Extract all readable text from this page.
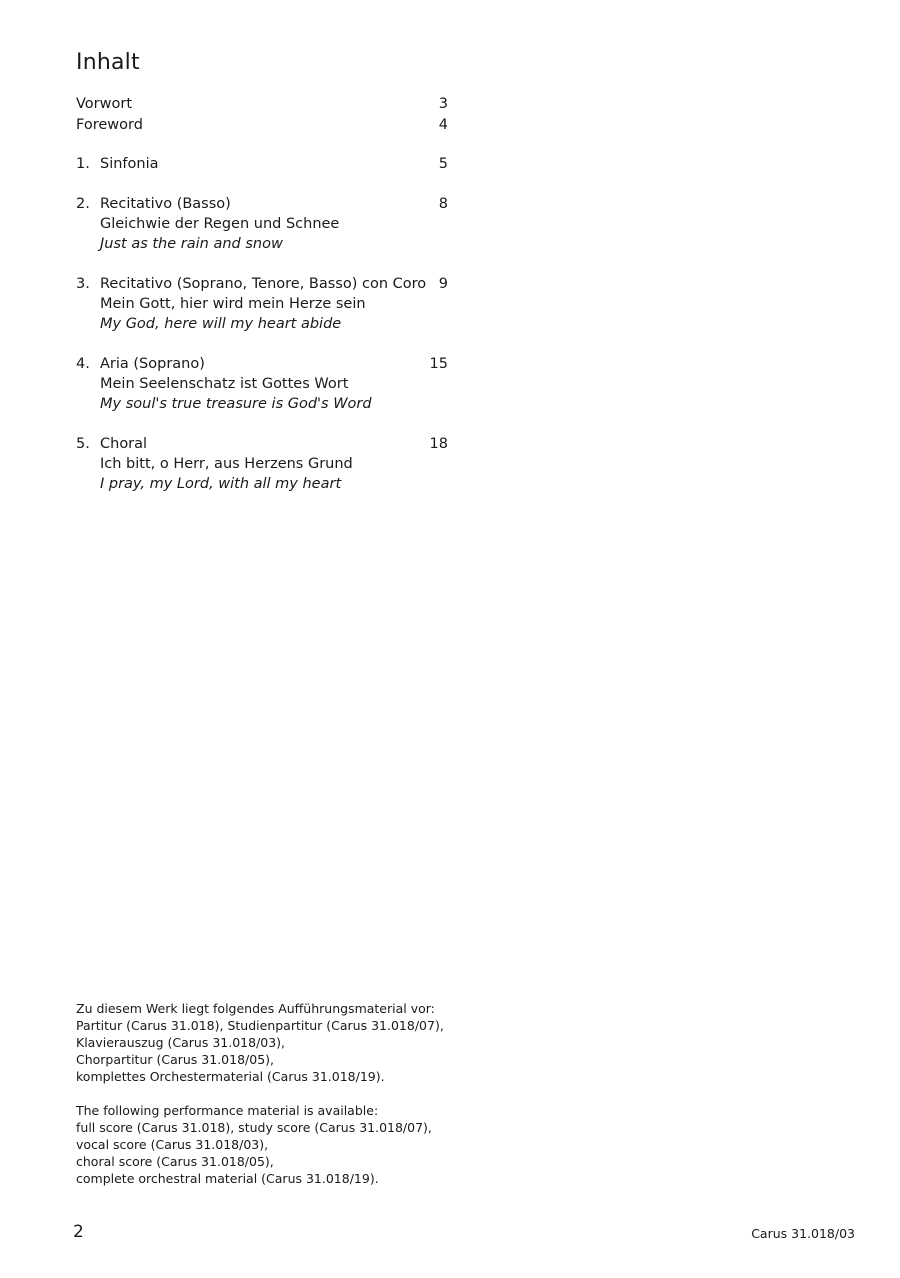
Inhalt
Vorwort	3
Foreword	4
1. Sinfonia	5
2. Recitativo (Basso)	8
Gleichwie der Regen und Schnee
Just as the rain and snow
3. Recitativo (Soprano, Tenore, Basso) con Coro 9
Mein Gott, hier wird mein Herze sein
My God, here will my heart abide
4. Aria (Soprano)	15
Mein Seelenschatz ist Gottes Wort
My soul's true treasure is God's Word
5. Choral	18
Ich bitt, o Herr, aus Herzens Grund
I pray, my Lord, with all my heart

Zu diesem Werk liegt folgendes Aufführungsmaterial vor:

Partitur (Carus 31.018), Studienpartitur (Carus 31.018/07),

Klavierauszug (Carus 31.018/03),

Chorpartitur (Carus 31.018/05),

komplettes Orchestermaterial (Carus 31.018/19).

The following performance material is available:

full score (Carus 31.018), study score (Carus 31.018/07),

vocal score (Carus 31.018/03),

choral score (Carus 31.018/05),

complete orchestral material (Carus 31.018/19).

2	Carus 31.018/03
